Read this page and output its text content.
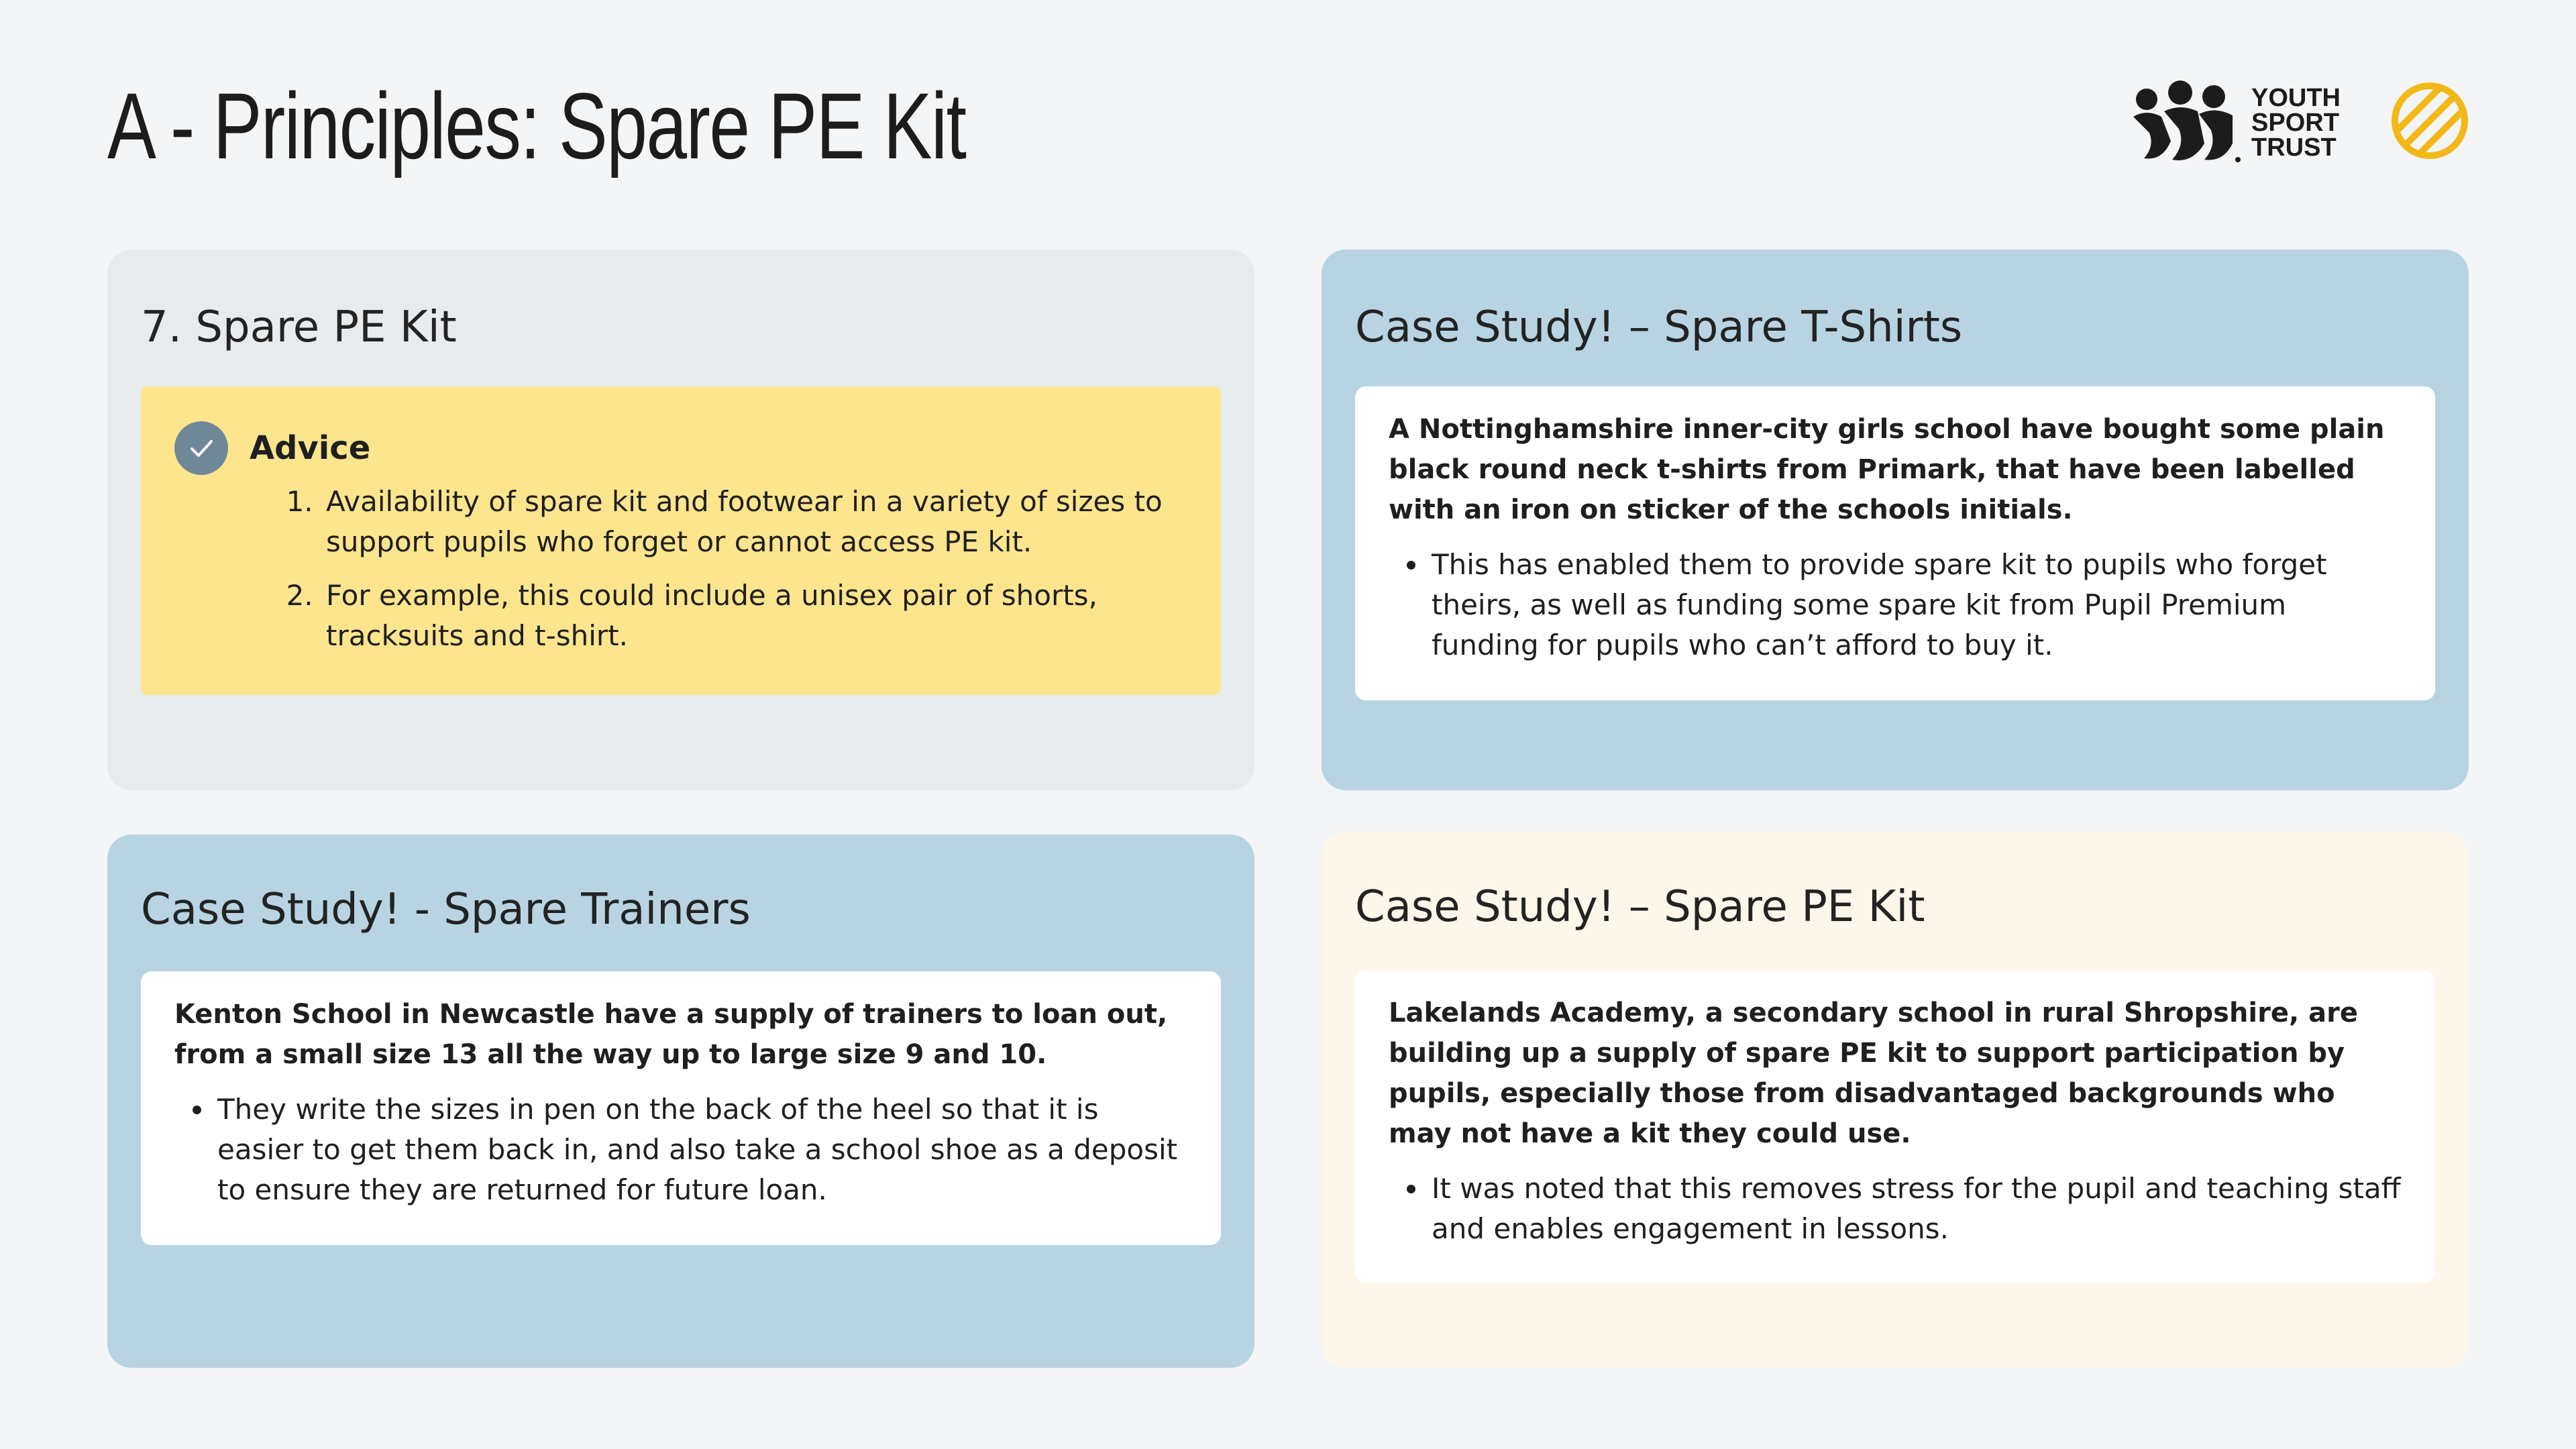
A - Principles: Spare PE Kit	YOUTH
SPORT
TRUST
7. Spare PE Kit
Advice
1. Availability of spare kit and footwear in a variety of sizes to support pupils who forget or cannot access PE kit.
2. For example, this could include a unisex pair of shorts, tracksuits and t-shirt.
Case Study! – Spare T-Shirts

A Nottinghamshire inner-city girls school have bought some plain black round neck t-shirts from Primark, that have been labelled with an iron on sticker of the schools initials.

• This has enabled them to provide spare kit to pupils who forget theirs, as well as funding some spare kit from Pupil Premium funding for pupils who can’t afford to buy it.
Case Study! - Spare Trainers

Kenton School in Newcastle have a supply of trainers to loan out, from a small size 13 all the way up to large size 9 and 10.

• They write the sizes in pen on the back of the heel so that it is easier to get them back in, and also take a school shoe as a deposit to ensure they are returned for future loan.
Case Study! – Spare PE Kit

Lakelands Academy, a secondary school in rural Shropshire, are building up a supply of spare PE kit to support participation by pupils, especially those from disadvantaged backgrounds who may not have a kit they could use.

• It was noted that this removes stress for the pupil and teaching staff and enables engagement in lessons.
